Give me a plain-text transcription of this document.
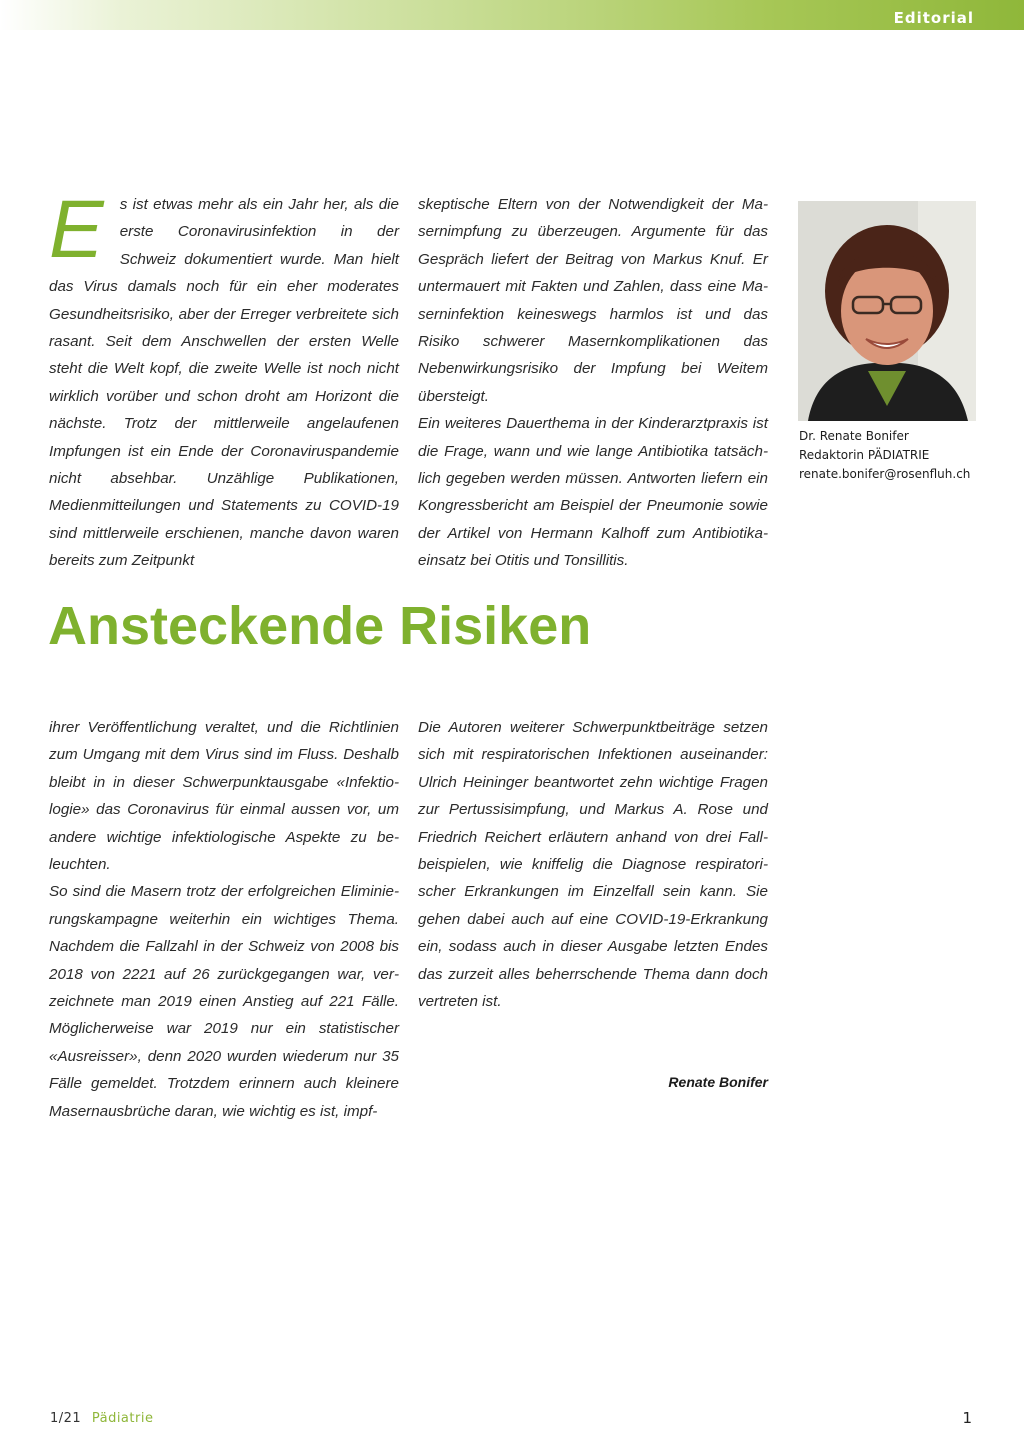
Editorial
E	s ist etwas mehr als ein Jahr her, als die erste Coronavirusinfektion in der Schweiz dokumentiert wurde. Man hielt das Virus damals noch für ein eher moderates Gesundheitsrisiko, aber der Erreger verbreitete sich rasant. Seit dem Anschwellen der ersten Welle steht die Welt kopf, die zweite Welle ist noch nicht wirklich vorüber und schon droht am Horizont die nächste. Trotz der mittlerweile angelaufenen Impfungen ist ein Ende der Coronaviruspandemie nicht absehbar. Unzählige Publikationen, Medienmitteilungen und Statements zu COVID-19 sind mittlerweile erschienen, manche davon waren bereits zum Zeitpunkt

skeptische Eltern von der Notwendigkeit der Masernimpfung zu überzeugen. Argumente für das Gespräch liefert der Beitrag von Markus Knuf. Er untermauert mit Fakten und Zahlen, dass eine Maserninfektion keineswegs harmlos ist und das Risiko schwerer Masernkomplikationen das Nebenwirkungsrisiko der Impfung bei Weitem übersteigt.

Ein weiteres Dauerthema in der Kinderarztpraxis ist die Frage, wann und wie lange Antibiotika tatsächlich gegeben werden müssen. Antworten liefern ein Kongressbericht am Beispiel der Pneumonie sowie der Artikel von Hermann Kalhoff zum Antibiotikaeinsatz bei Otitis und Tonsillitis.

Dr. Renate Bonifer
Redaktorin PÄDIATRIE
renate.bonifer@rosenfluh.ch
Ansteckende Risiken

ihrer Veröffentlichung veraltet, und die Richtlinien zum Umgang mit dem Virus sind im Fluss. Deshalb bleibt in in dieser Schwerpunktausgabe «Infektiologie» das Coronavirus für einmal aussen vor, um andere wichtige infektiologische Aspekte zu beleuchten.

So sind die Masern trotz der erfolgreichen Eliminierungskampagne weiterhin ein wichtiges Thema. Nachdem die Fallzahl in der Schweiz von 2008 bis 2018 von 2221 auf 26 zurückgegangen war, verzeichnete man 2019 einen Anstieg auf 221 Fälle. Möglicherweise war 2019 nur ein statistischer «Ausreisser», denn 2020 wurden wiederum nur 35 Fälle gemeldet. Trotzdem erinnern auch kleinere Masernausbrüche daran, wie wichtig es ist, impf-

Die Autoren weiterer Schwerpunktbeiträge setzen sich mit respiratorischen Infektionen auseinander: Ulrich Heininger beantwortet zehn wichtige Fragen zur Pertussisimpfung, und Markus A. Rose und Friedrich Reichert erläutern anhand von drei Fallbeispielen, wie kniffelig die Diagnose respiratorischer Erkrankungen im Einzelfall sein kann. Sie gehen dabei auch auf eine COVID-19-Erkrankung ein, sodass auch in dieser Ausgabe letzten Endes das zurzeit alles beherrschende Thema dann doch vertreten ist.

Renate Bonifer
1/21 Pädiatrie	1
